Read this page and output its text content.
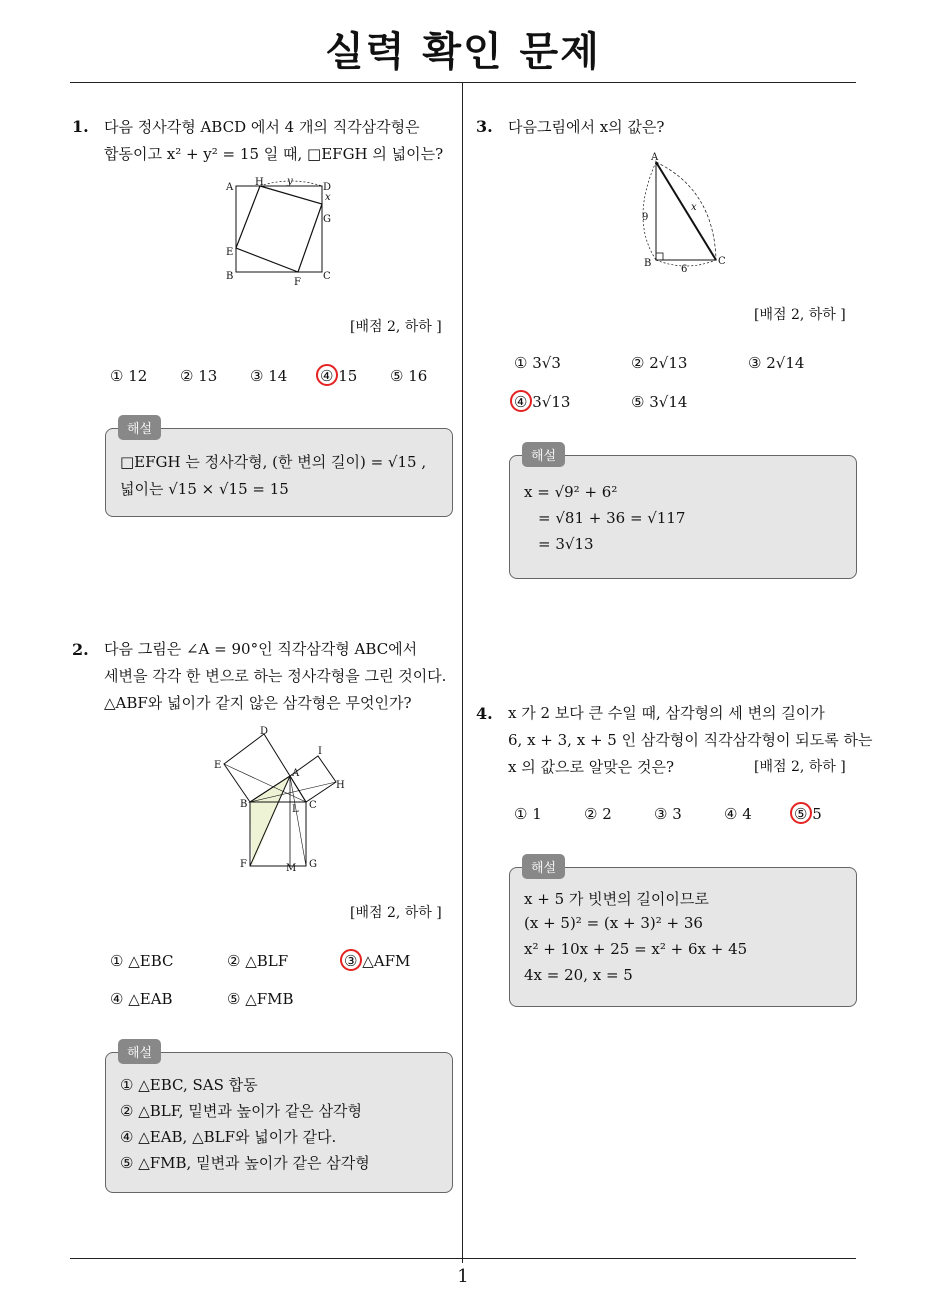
실력 확인 문제
1
1. 다음 정사각형 ABCD 에서 4 개의 직각삼각형은
합동이고 x² + y² = 15 일 때, □EFGH 의 넓이는?
A H y
D
x
G
E
B
F
C
[배점 2, 하하 ]
① 12 ② 13 ③ 14 ④ 15 ⑤ 16
해설
□EFGH 는 정사각형, (한 변의 길이) = √15 ,
넓이는 √15 × √15 = 15
2. 다음 그림은 ∠A = 90°인 직각삼각형 ABC에서
세변을 각각 한 변으로 하는 정사각형을 그린 것이다.
△ABF와 넓이가 같지 않은 삼각형은 무엇인가?
D
I
E
A
H
B	C
L
F	M G
[배점 2, 하하 ]
① △EBC	② △BLF	③ △AFM
④ △EAB	⑤ △FMB
해설
① △EBC, SAS 합동
② △BLF, 밑변과 높이가 같은 삼각형
④ △EAB, △BLF와 넓이가 같다.
⑤ △FMB, 밑변과 높이가 같은 삼각형
3. 다음그림에서 x의 값은?
A
9
x
B
6
C
[배점 2, 하하 ]
① 3√3	② 2√13	③ 2√14
④ 3√13	⑤ 3√14
해설
x = √9² + 6²
= √81 + 36 = √117
= 3√13
4. x 가 2 보다 큰 수일 때, 삼각형의 세 변의 길이가
6, x + 3, x + 5 인 삼각형이 직각삼각형이 되도록 하는
x 의 값으로 알맞은 것은?	[배점 2, 하하 ]
① 1	② 2	③ 3	④ 4	⑤ 5
해설
x + 5 가 빗변의 길이이므로
(x + 5)² = (x + 3)² + 36
x² + 10x + 25 = x² + 6x + 45
4x = 20, x = 5
